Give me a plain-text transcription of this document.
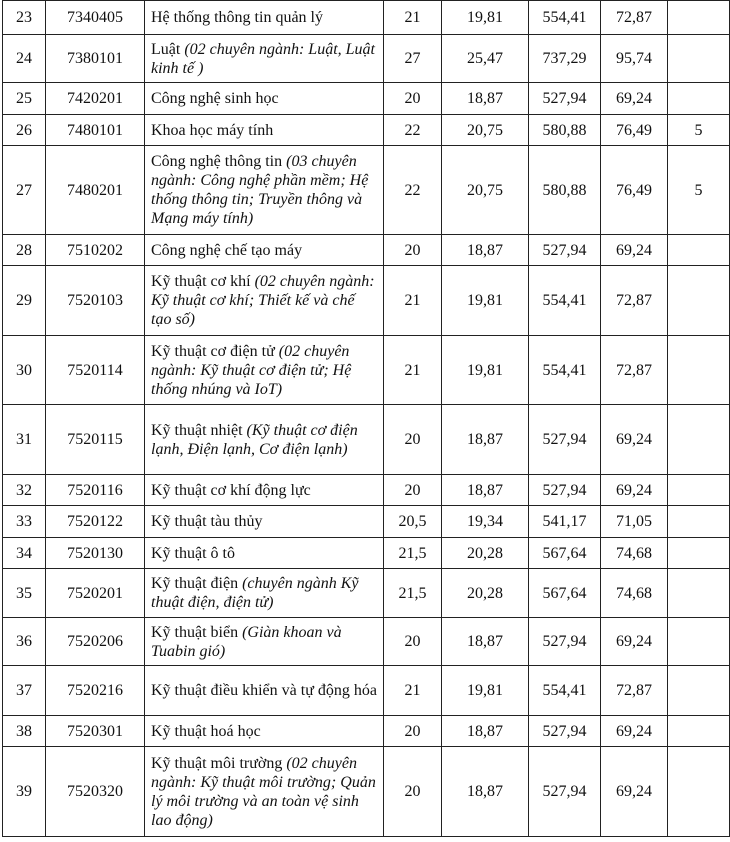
23	7340405	Hệ thống thông tin quản lý	21	19,81	554,41	72,87	
24	7380101	Luật (02 chuyên ngành: Luật, Luật kinh tế )	27	25,47	737,29	95,74	
25	7420201	Công nghệ sinh học	20	18,87	527,94	69,24	
26	7480101	Khoa học máy tính	22	20,75	580,88	76,49	5
27	7480201	Công nghệ thông tin (03 chuyên ngành: Công nghệ phần mềm; Hệ thống thông tin; Truyền thông và Mạng máy tính)	22	20,75	580,88	76,49	5
28	7510202	Công nghệ chế tạo máy	20	18,87	527,94	69,24	
29	7520103	Kỹ thuật cơ khí (02 chuyên ngành: Kỹ thuật cơ khí; Thiết kế và chế tạo số)	21	19,81	554,41	72,87	
30	7520114	Kỹ thuật cơ điện tử (02 chuyên ngành: Kỹ thuật cơ điện tử; Hệ thống nhúng và IoT)	21	19,81	554,41	72,87	
31	7520115	Kỹ thuật nhiệt (Kỹ thuật cơ điện lạnh, Điện lạnh, Cơ điện lạnh)	20	18,87	527,94	69,24	
32	7520116	Kỹ thuật cơ khí động lực	20	18,87	527,94	69,24	
33	7520122	Kỹ thuật tàu thủy	20,5	19,34	541,17	71,05	
34	7520130	Kỹ thuật ô tô	21,5	20,28	567,64	74,68	
35	7520201	Kỹ thuật điện (chuyên ngành Kỹ thuật điện, điện tử)	21,5	20,28	567,64	74,68	
36	7520206	Kỹ thuật biển (Giàn khoan và Tuabin gió)	20	18,87	527,94	69,24	
37	7520216	Kỹ thuật điều khiển và tự động hóa	21	19,81	554,41	72,87	
38	7520301	Kỹ thuật hoá học	20	18,87	527,94	69,24	
39	7520320	Kỹ thuật môi trường (02 chuyên ngành: Kỹ thuật môi trường; Quản lý môi trường và an toàn vệ sinh lao động)	20	18,87	527,94	69,24	
